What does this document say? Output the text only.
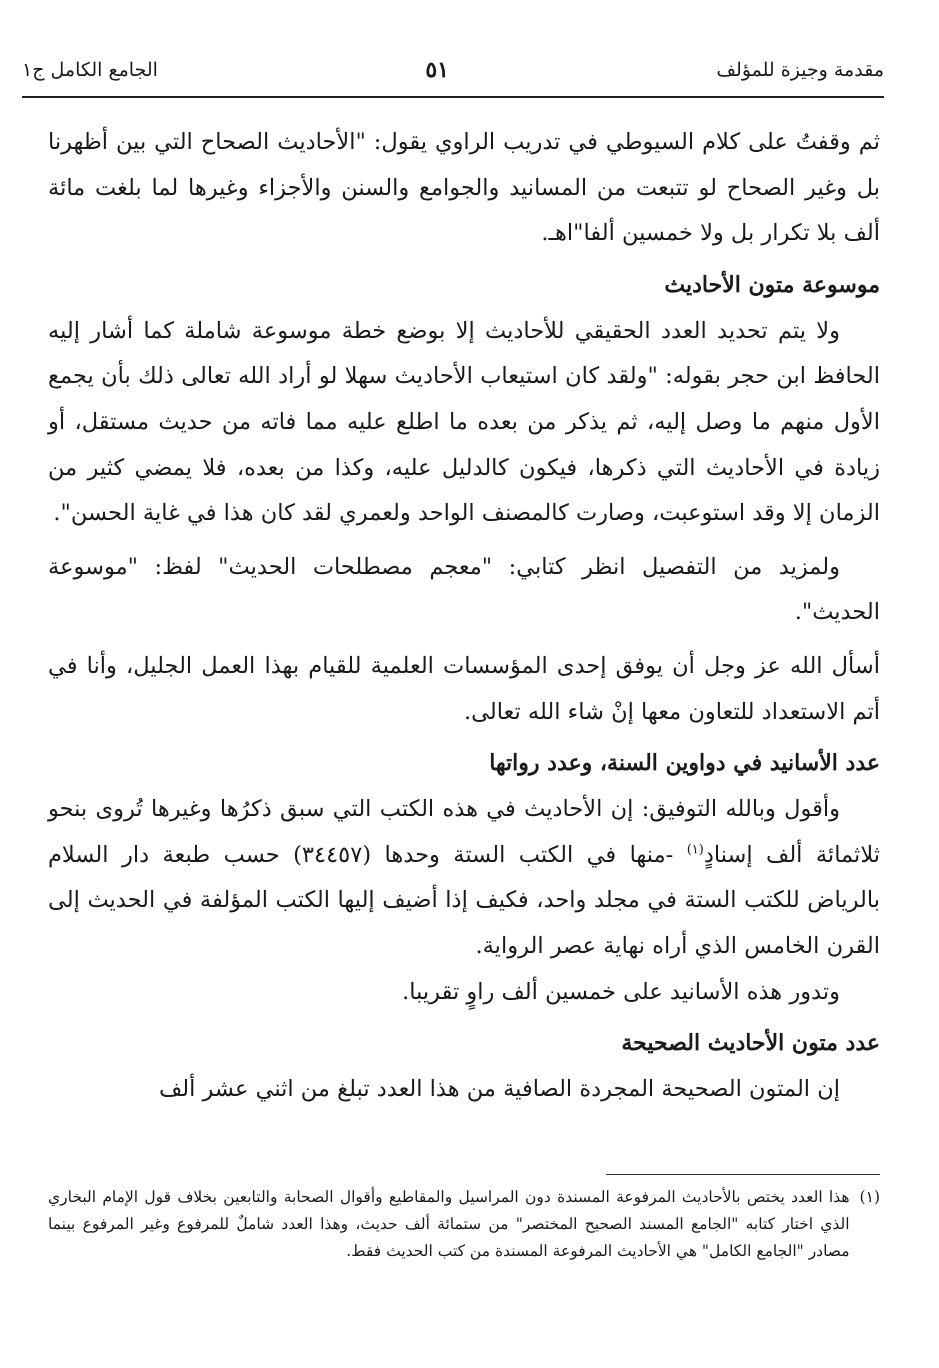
مقدمة وجيزة للمؤلف
٥١
الجامع الكامل ج١

ثم وقفتُ على كلام السيوطي في تدريب الراوي يقول: "الأحاديث الصحاح التي بين أظهرنا بل وغير الصحاح لو تتبعت من المسانيد والجوامع والسنن والأجزاء وغيرها لما بلغت مائة ألف بلا تكرار بل ولا خمسين ألفا"اهـ.

موسوعة متون الأحاديث

ولا يتم تحديد العدد الحقيقي للأحاديث إلا بوضع خطة موسوعة شاملة كما أشار إليه الحافظ ابن حجر بقوله: "ولقد كان استيعاب الأحاديث سهلا لو أراد الله تعالى ذلك بأن يجمع الأول منهم ما وصل إليه، ثم يذكر من بعده ما اطلع عليه مما فاته من حديث مستقل، أو زيادة في الأحاديث التي ذكرها، فيكون كالدليل عليه، وكذا من بعده، فلا يمضي كثير من الزمان إلا وقد استوعبت، وصارت كالمصنف الواحد ولعمري لقد كان هذا في غاية الحسن".

ولمزيد من التفصيل انظر كتابي: "معجم مصطلحات الحديث" لفظ: "موسوعة الحديث".

أسأل الله عز وجل أن يوفق إحدى المؤسسات العلمية للقيام بهذا العمل الجليل، وأنا في أتم الاستعداد للتعاون معها إنْ شاء الله تعالى.

عدد الأسانيد في دواوين السنة، وعدد رواتها

وأقول وبالله التوفيق: إن الأحاديث في هذه الكتب التي سبق ذكرُها وغيرها تُروى بنحو ثلاثمائة ألف إسنادٍ$^{(١)}$ -منها في الكتب الستة وحدها (٣٤٤٥٧) حسب طبعة دار السلام بالرياض للكتب الستة في مجلد واحد، فكيف إذا أضيف إليها الكتب المؤلفة في الحديث إلى القرن الخامس الذي أراه نهاية عصر الرواية.

وتدور هذه الأسانيد على خمسين ألف راوٍ تقريبا.

عدد متون الأحاديث الصحيحة

إن المتون الصحيحة المجردة الصافية من هذا العدد تبلغ من اثني عشر ألف

(١)
هذا العدد يختص بالأحاديث المرفوعة المسندة دون المراسيل والمقاطيع وأقوال الصحابة والتابعين بخلاف قول الإمام البخاري الذي اختار كتابه "الجامع المسند الصحيح المختصر" من ستمائة ألف حديث، وهذا العدد شاملٌ للمرفوع وغير المرفوع بينما مصادر "الجامع الكامل" هي الأحاديث المرفوعة المسندة من كتب الحديث فقط.
